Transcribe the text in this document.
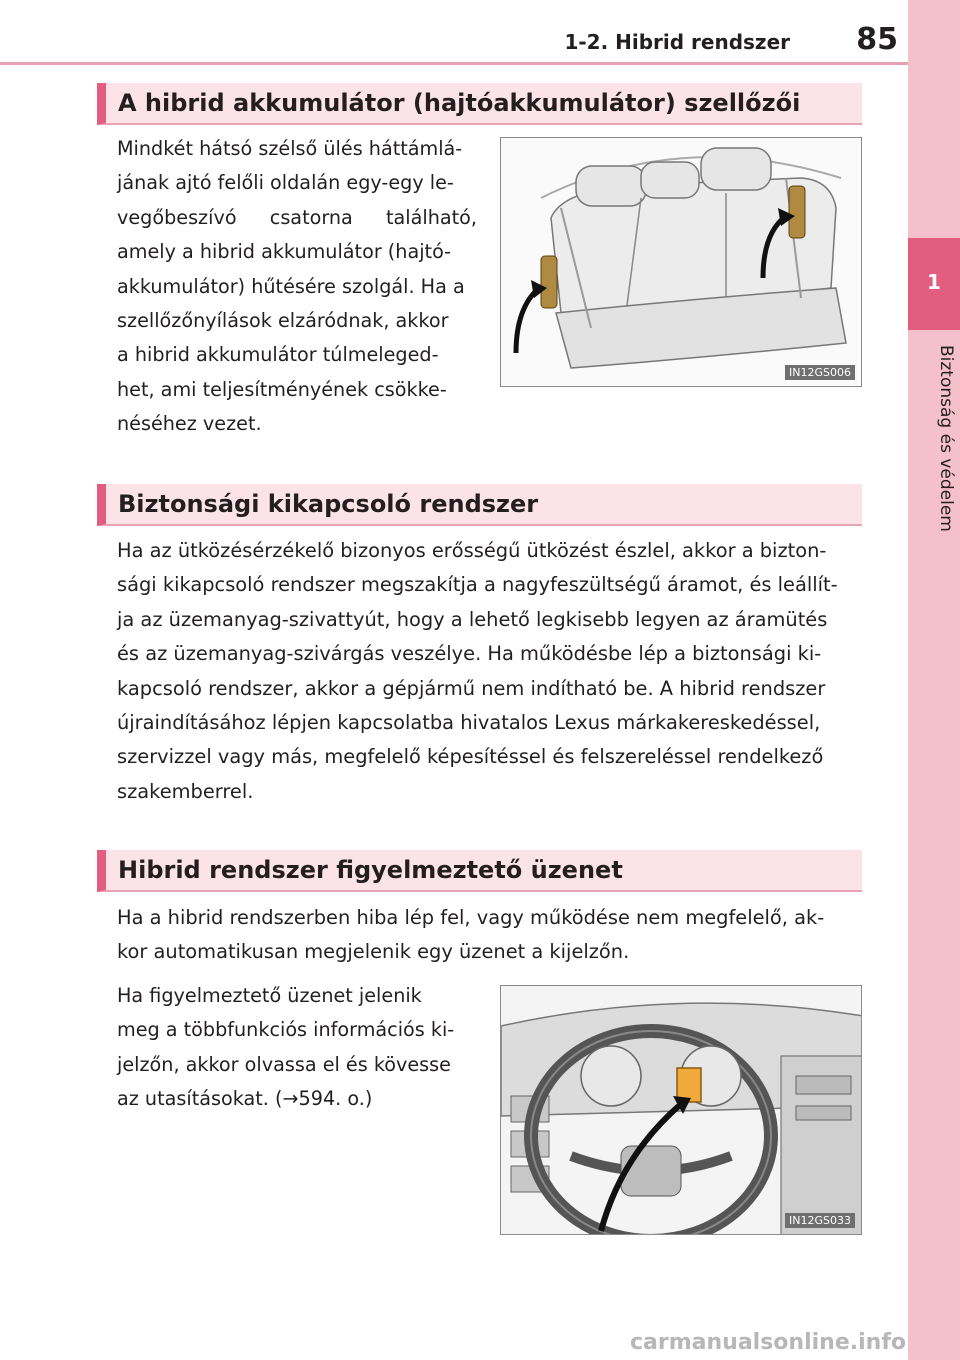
1-2. Hibrid rendszer	85
1
Biztonság és védelem
A hibrid akkumulátor (hajtóakkumulátor) szellőzői
Mindkét hátsó szélső ülés háttámlá-
jának ajtó felőli oldalán egy-egy le-
vegőbeszívó csatorna található,
amely a hibrid akkumulátor (hajtó-
akkumulátor) hűtésére szolgál. Ha a
szellőzőnyílások elzáródnak, akkor
a hibrid akkumulátor túlmeleged-
het, ami teljesítményének csökke-
néséhez vezet.
IN12GS006
Biztonsági kikapcsoló rendszer
Ha az ütközésérzékelő bizonyos erősségű ütközést észlel, akkor a bizton-
sági kikapcsoló rendszer megszakítja a nagyfeszültségű áramot, és leállít-
ja az üzemanyag-szivattyút, hogy a lehető legkisebb legyen az áramütés
és az üzemanyag-szivárgás veszélye. Ha működésbe lép a biztonsági ki-
kapcsoló rendszer, akkor a gépjármű nem indítható be. A hibrid rendszer
újraindításához lépjen kapcsolatba hivatalos Lexus márkakereskedéssel,
szervizzel vagy más, megfelelő képesítéssel és felszereléssel rendelkező
szakemberrel.
Hibrid rendszer figyelmeztető üzenet
Ha a hibrid rendszerben hiba lép fel, vagy működése nem megfelelő, ak-
kor automatikusan megjelenik egy üzenet a kijelzőn.
Ha figyelmeztető üzenet jelenik
meg a többfunkciós információs ki-
jelzőn, akkor olvassa el és kövesse
az utasításokat. (→594. o.)
IN12GS033
carmanualsonline.info
